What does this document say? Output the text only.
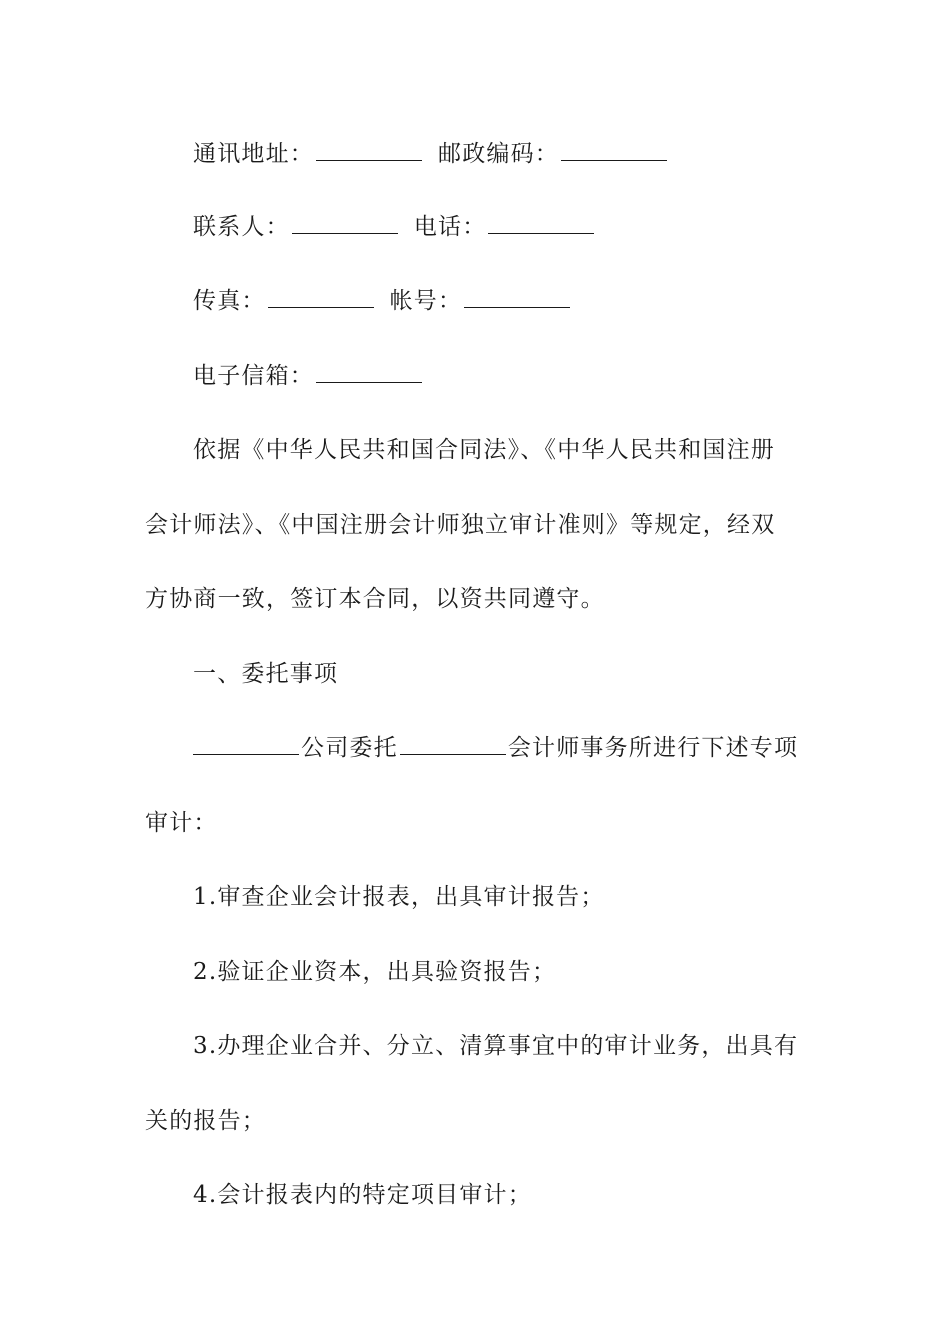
通讯地址：	邮政编码：
联系人：	电话：
传真：	帐号：
电子信箱：
依据《中华人民共和国合同法》、《中华人民共和国注册
会计师法》、《中国注册会计师独立审计准则》等规定，经双
方协商一致，签订本合同，以资共同遵守。
一、委托事项
公司委托	会计师事务所进行下述专项
审计：
1.审查企业会计报表，出具审计报告；
2.验证企业资本，出具验资报告；
3.办理企业合并、分立、清算事宜中的审计业务，出具有
关的报告；
4.会计报表内的特定项目审计；
